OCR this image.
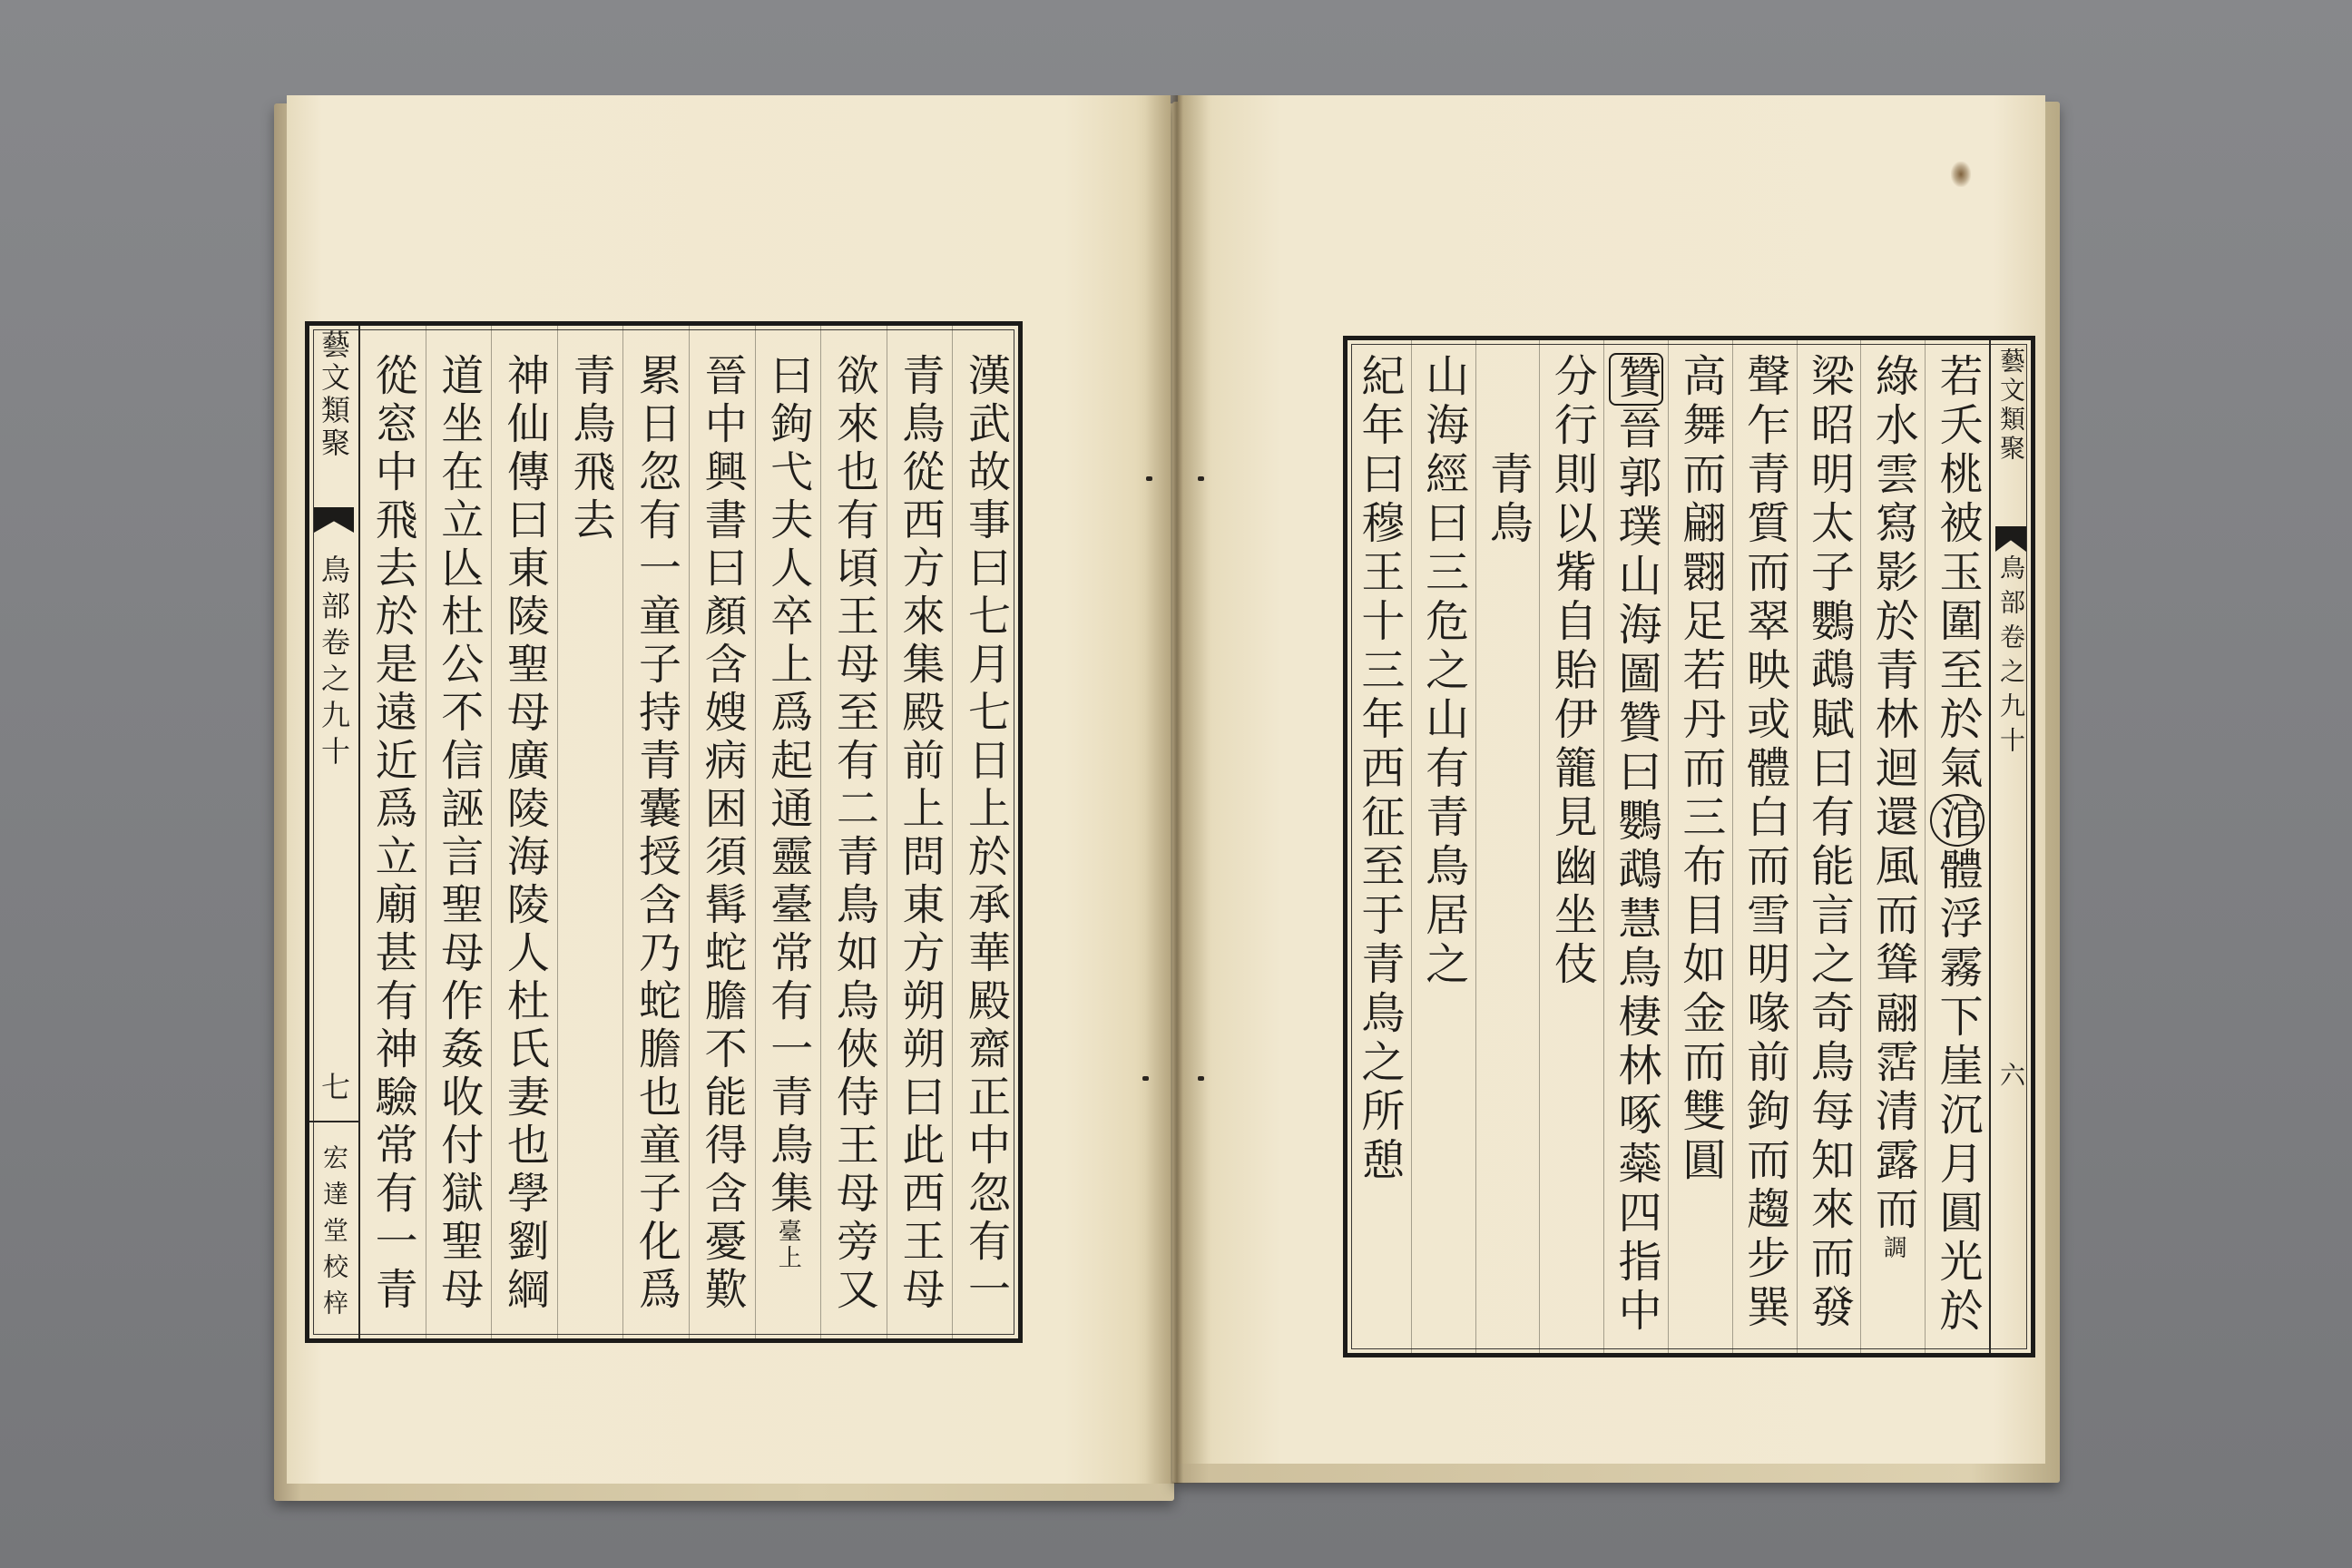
藝文類聚
鳥部卷之九十
七
宏達堂校梓	漢武故事曰七月七日上於承華殿齋正中忽有一
青鳥從西方來集殿前上問東方朔朔曰此西王母
欲來也有頃王母至有二青鳥如烏俠侍王母旁又
曰鉤弋夫人卒上爲起通靈臺常有一青鳥集臺上
晉中興書曰顏含嫂病困須髯蛇膽不能得含憂歎
累日忽有一童子持青囊授含乃蛇膽也童子化爲
青鳥飛去
神仙傳曰東陵聖母廣陵海陵人杜氏妻也學劉綱
道坐在立亾杜公不信誣言聖母作姦收付獄聖母
從窓中飛去於是遠近爲立廟甚有神驗常有一青	若夭桃被玉圍至於氣涫體浮霧下崖沉月圓光於
綠水雲寫影於青林迴還風而聳翮霑清露而調
梁昭明太子鸚鵡賦曰有能言之奇鳥每知來而發
聲乍青質而翠映或體白而雪明喙前鉤而趨步巽
高舞而翩翾足若丹而三布目如金而雙圓
贊晉郭璞山海圖贊曰鸚鵡慧鳥棲林啄蘂四指中
分行則以觜自貽伊籠見幽坐伎
青鳥
山海經曰三危之山有青鳥居之
紀年曰穆王十三年西征至于青鳥之所憩	藝文類聚
鳥部卷之九十
六
